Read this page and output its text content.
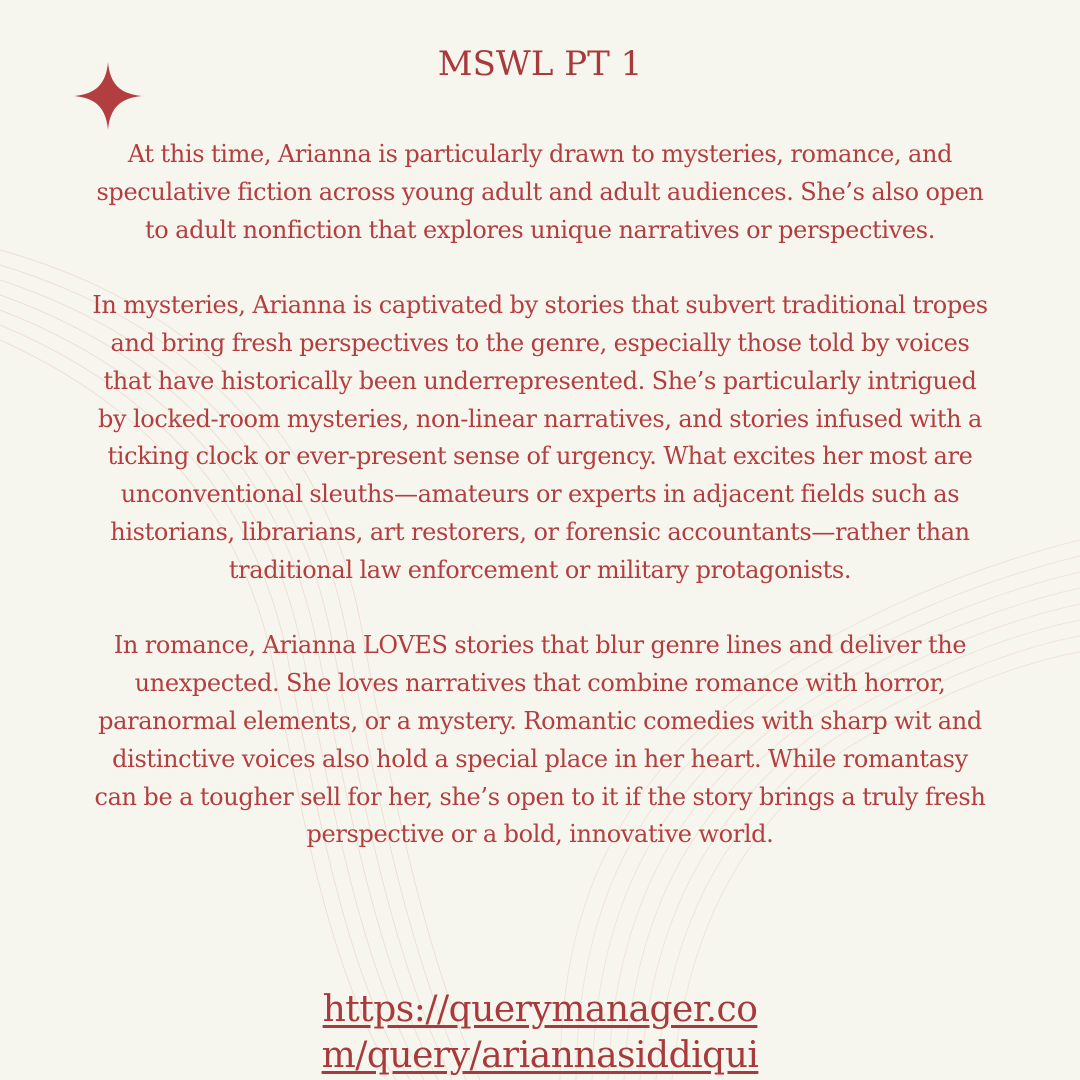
MSWL PT 1

At this time, Arianna is particularly drawn to mysteries, romance, and speculative fiction across young adult and adult audiences. She’s also open to adult nonfiction that explores unique narratives or perspectives.

In mysteries, Arianna is captivated by stories that subvert traditional tropes and bring fresh perspectives to the genre, especially those told by voices that have historically been underrepresented. She’s particularly intrigued by locked-room mysteries, non-linear narratives, and stories infused with a ticking clock or ever-present sense of urgency. What excites her most are unconventional sleuths—amateurs or experts in adjacent fields such as historians, librarians, art restorers, or forensic accountants—rather than traditional law enforcement or military protagonists.

In romance, Arianna LOVES stories that blur genre lines and deliver the unexpected. She loves narratives that combine romance with horror, paranormal elements, or a mystery. Romantic comedies with sharp wit and distinctive voices also hold a special place in her heart. While romantasy can be a tougher sell for her, she’s open to it if the story brings a truly fresh perspective or a bold, innovative world.

https://querymanager.co
m/query/ariannasiddiqui
